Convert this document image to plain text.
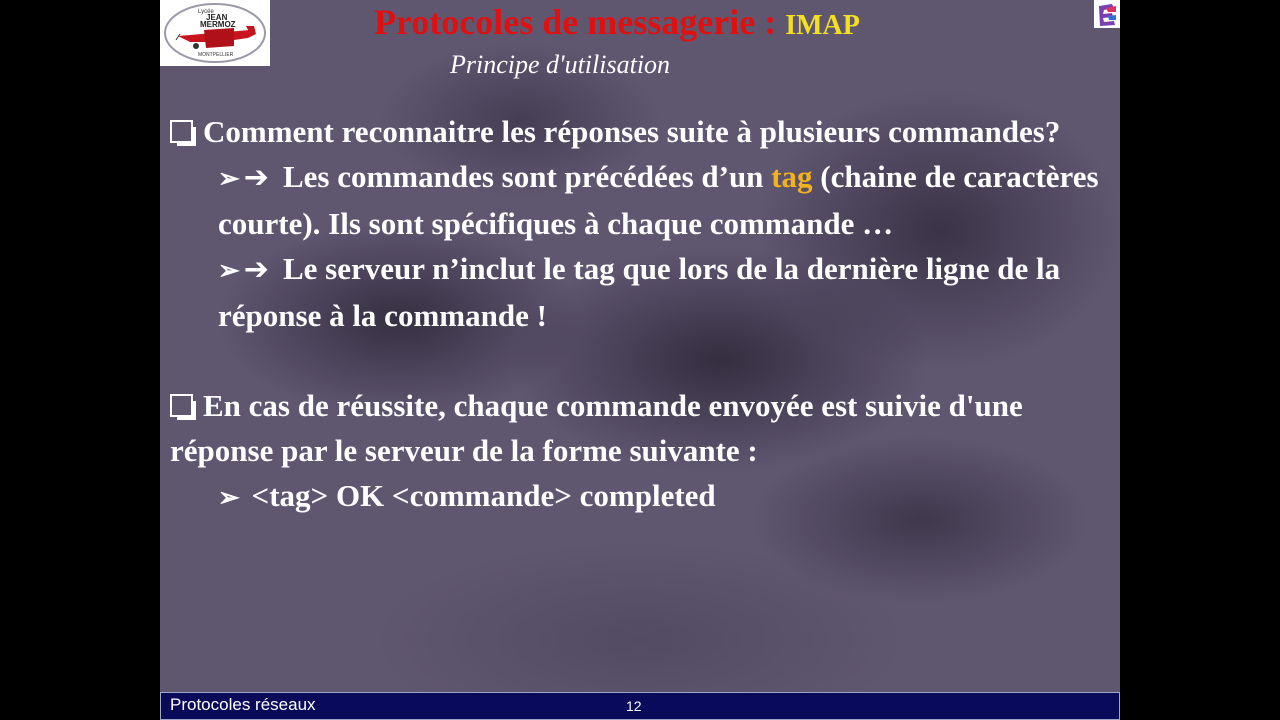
Lycée
JEAN
MERMOZ
MONTPELLIER
Protocoles de messagerie : IMAP
Principe d'utilisation

Comment reconnaitre les réponses suite à plusieurs commandes?

➢ ➔ Les commandes sont précédées d’un tag (chaine de caractères courte). Ils sont spécifiques à chaque commande …

➢ ➔ Le serveur n’inclut le tag que lors de la dernière ligne de la réponse à la commande !

En cas de réussite, chaque commande envoyée est suivie d'une réponse par le serveur de la forme suivante :

➢ <tag> OK <commande> completed

Protocoles réseaux	12
